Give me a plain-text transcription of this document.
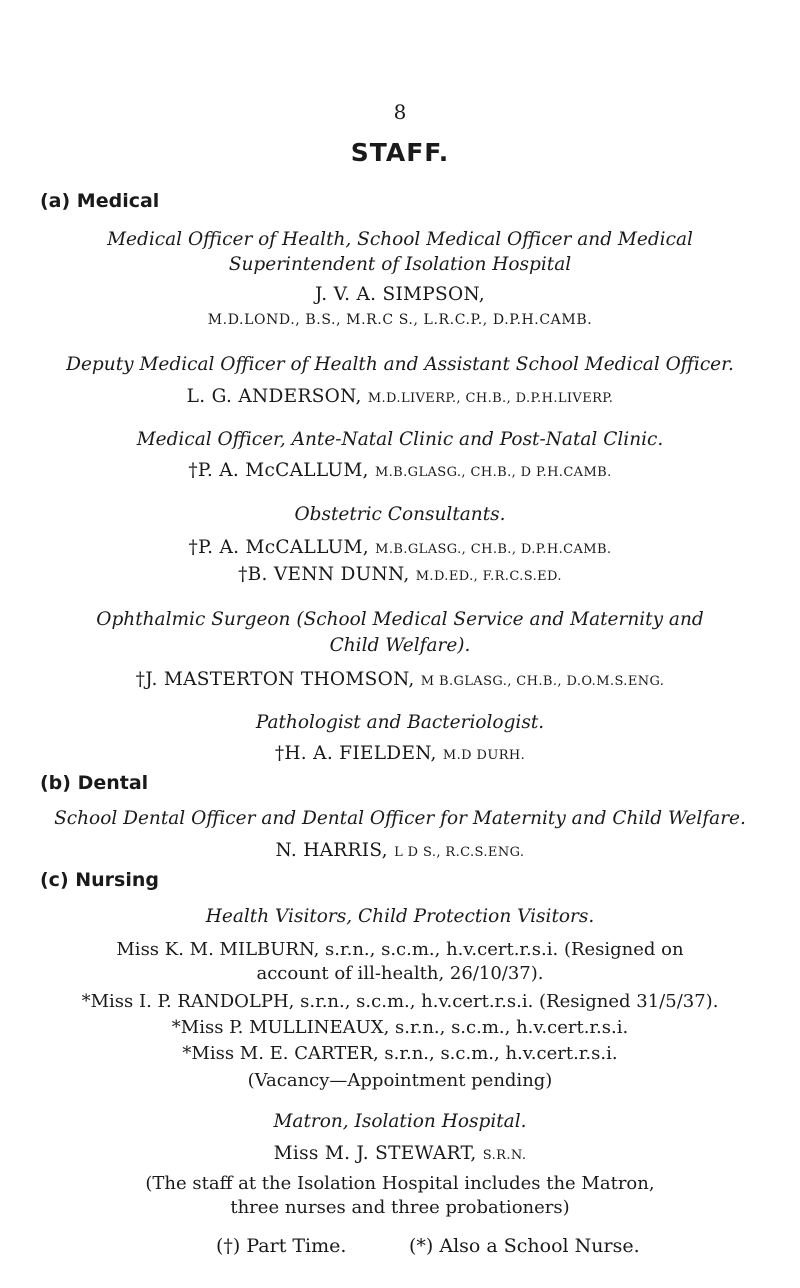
8
STAFF.
(a) Medical
Medical Officer of Health, School Medical Officer and Medical
Superintendent of Isolation Hospital
J. V. A. SIMPSON,
M.D.LOND., B.S., M.R.C S., L.R.C.P., D.P.H.CAMB.
Deputy Medical Officer of Health and Assistant School Medical Officer.
L. G. ANDERSON, M.D.LIVERP., CH.B., D.P.H.LIVERP.
Medical Officer, Ante-Natal Clinic and Post-Natal Clinic.
†P. A. McCALLUM, M.B.GLASG., CH.B., D P.H.CAMB.
Obstetric Consultants.
†P. A. McCALLUM, M.B.GLASG., CH.B., D.P.H.CAMB.
†B. VENN DUNN, M.D.ED., F.R.C.S.ED.
Ophthalmic Surgeon (School Medical Service and Maternity and
Child Welfare).
†J. MASTERTON THOMSON, M B.GLASG., CH.B., D.O.M.S.ENG.
Pathologist and Bacteriologist.
†H. A. FIELDEN, M.D DURH.
(b) Dental
School Dental Officer and Dental Officer for Maternity and Child Welfare.
N. HARRIS, L D S., R.C.S.ENG.
(c) Nursing
Health Visitors, Child Protection Visitors.
Miss K. M. MILBURN, s.r.n., s.c.m., h.v.cert.r.s.i. (Resigned on
account of ill-health, 26/10/37).
*Miss I. P. RANDOLPH, s.r.n., s.c.m., h.v.cert.r.s.i. (Resigned 31/5/37).
*Miss P. MULLINEAUX, s.r.n., s.c.m., h.v.cert.r.s.i.
*Miss M. E. CARTER, s.r.n., s.c.m., h.v.cert.r.s.i.
(Vacancy—Appointment pending)
Matron, Isolation Hospital.
Miss M. J. STEWART, S.R.N.
(The staff at the Isolation Hospital includes the Matron,
three nurses and three probationers)
(†) Part Time.	(*) Also a School Nurse.
